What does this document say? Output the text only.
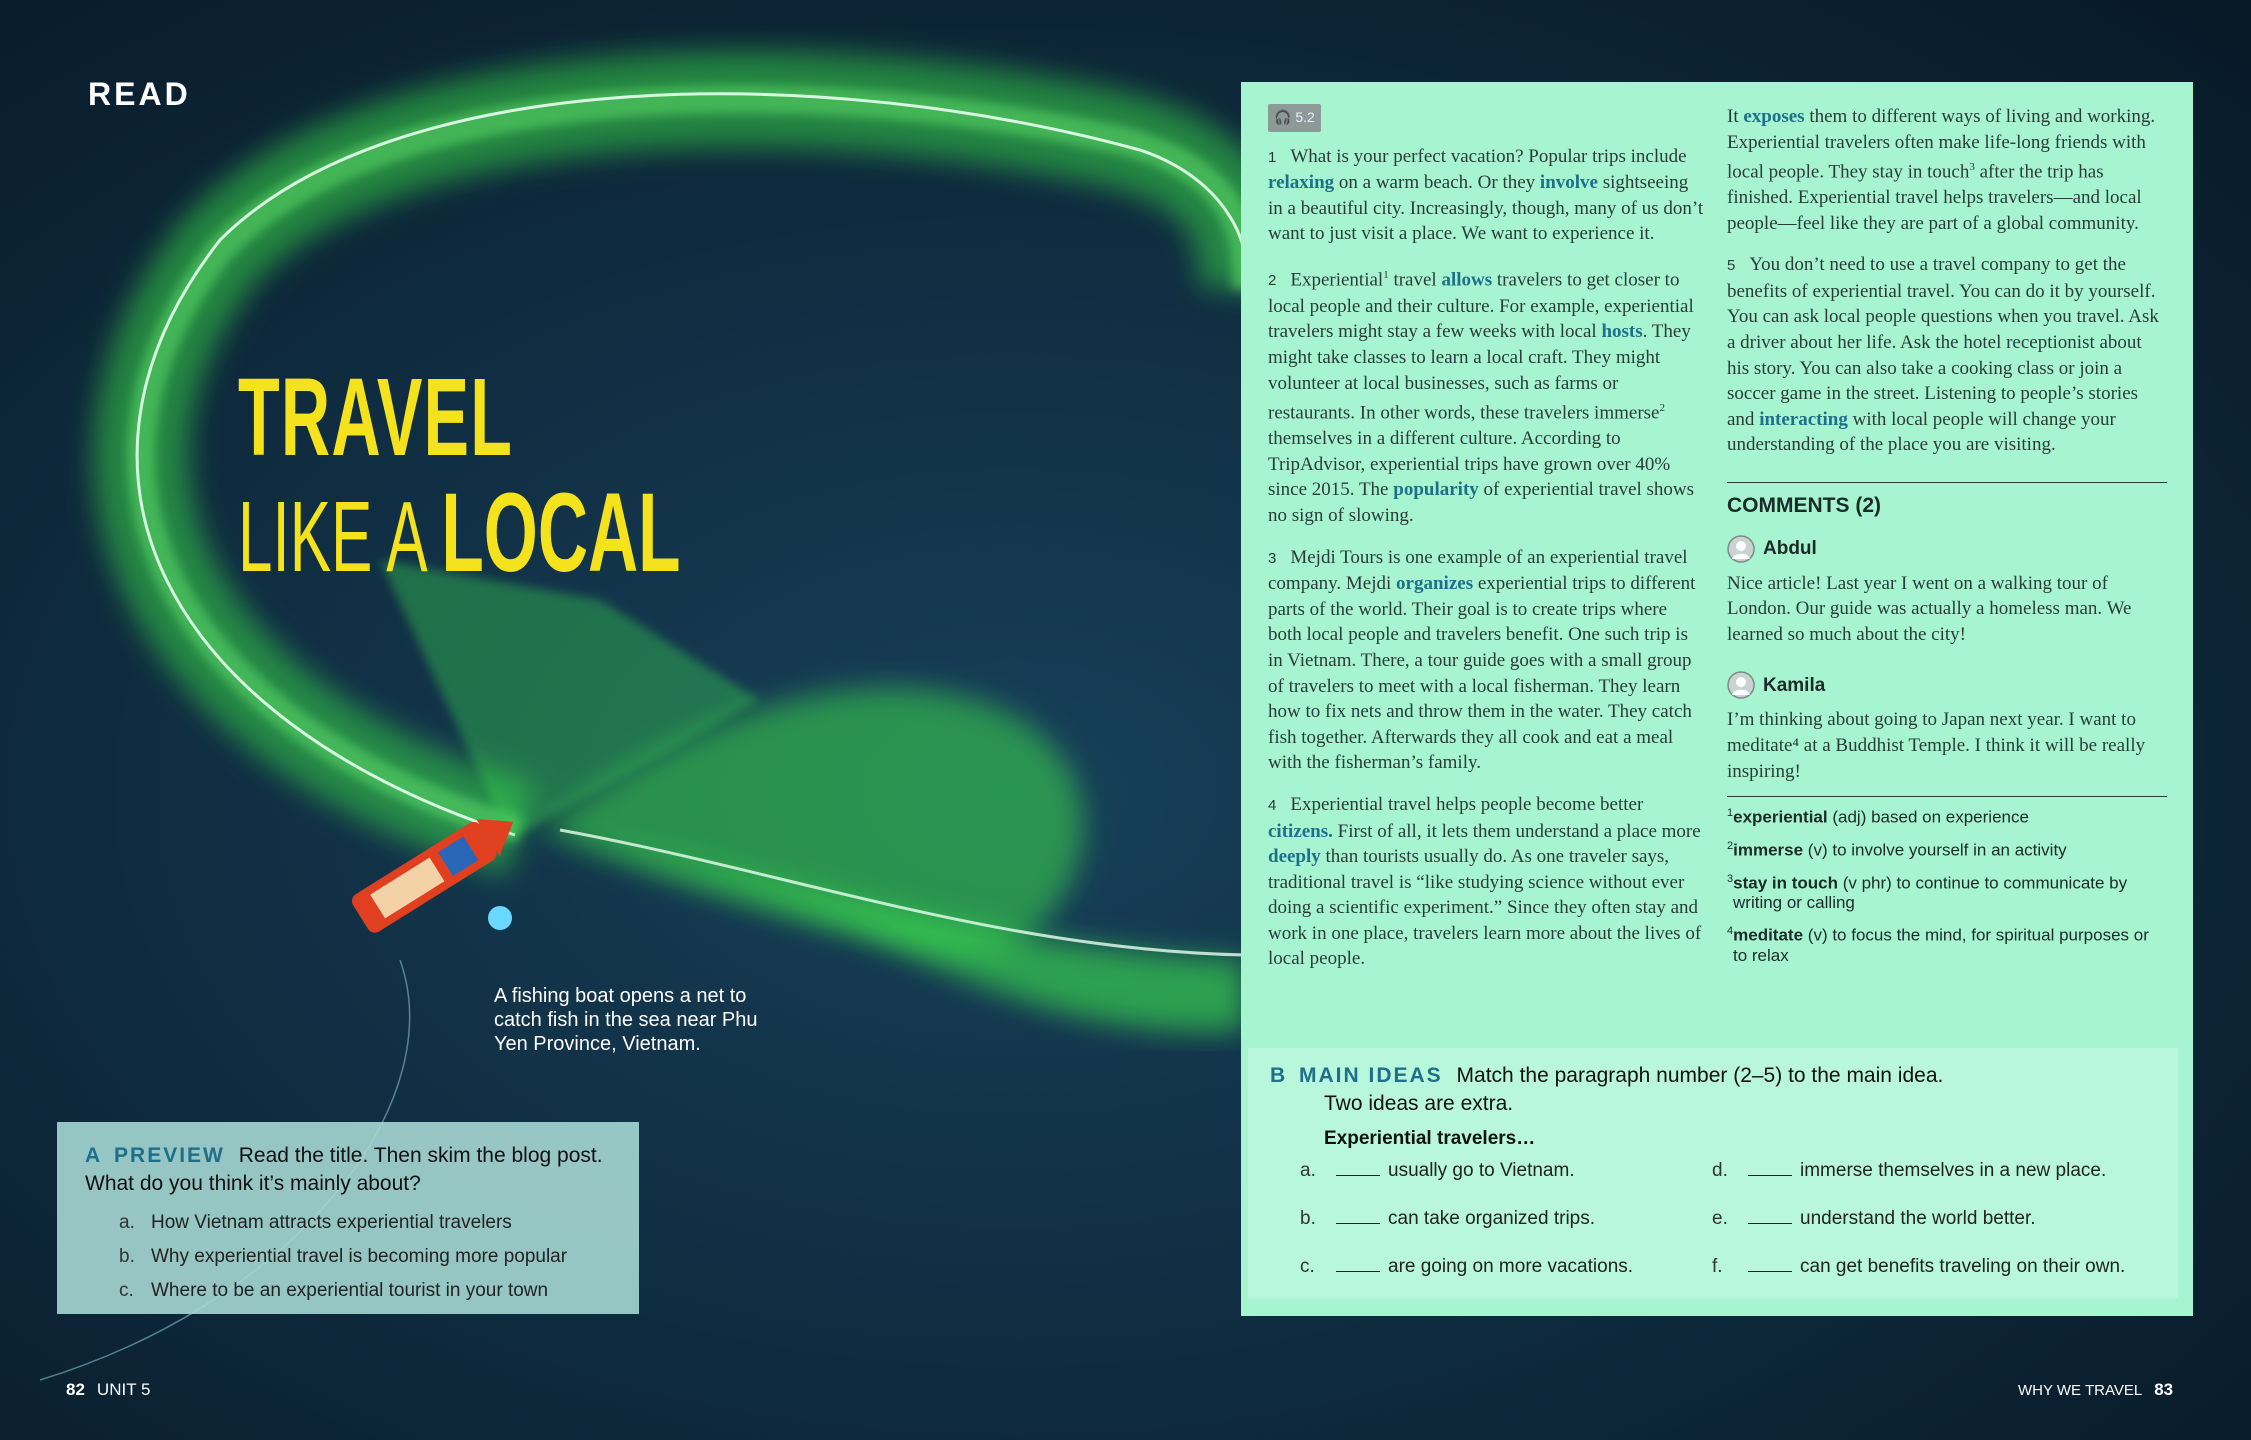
READ
TRAVEL
LIKE A LOCAL
A fishing boat opens a net to catch fish in the sea near Phu Yen Province, Vietnam.
A PREVIEW Read the title. Then skim the blog post. What do you think it’s mainly about?
a. How Vietnam attracts experiential travelers
b. Why experiential travel is becoming more popular
c. Where to be an experiential tourist in your town
🎧 5.2

1 What is your perfect vacation? Popular trips include relaxing on a warm beach. Or they involve sightseeing in a beautiful city. Increasingly, though, many of us don’t want to just visit a place. We want to experience it.

2 Experiential$^1$ travel allows travelers to get closer to local people and their culture. For example, experiential travelers might stay a few weeks with local hosts. They might take classes to learn a local craft. They might volunteer at local businesses, such as farms or restaurants. In other words, these travelers immerse$^2$ themselves in a different culture. According to TripAdvisor, experiential trips have grown over 40% since 2015. The popularity of experiential travel shows no sign of slowing.

3 Mejdi Tours is one example of an experiential travel company. Mejdi organizes experiential trips to different parts of the world. Their goal is to create trips where both local people and travelers benefit. One such trip is in Vietnam. There, a tour guide goes with a small group of travelers to meet with a local fisherman. They learn how to fix nets and throw them in the water. They catch fish together. Afterwards they all cook and eat a meal with the fisherman’s family.

4 Experiential travel helps people become better citizens. First of all, it lets them understand a place more deeply than tourists usually do. As one traveler says, traditional travel is “like studying science without ever doing a scientific experiment.” Since they often stay and work in one place, travelers learn more about the lives of local people.

It exposes them to different ways of living and working. Experiential travelers often make life-long friends with local people. They stay in touch$^3$ after the trip has finished. Experiential travel helps travelers—and local people—feel like they are part of a global community.

5 You don’t need to use a travel company to get the benefits of experiential travel. You can do it by yourself. You can ask local people questions when you travel. Ask a driver about her life. Ask the hotel receptionist about his story. You can also take a cooking class or join a soccer game in the street. Listening to people’s stories and interacting with local people will change your understanding of the place you are visiting.

COMMENTS (2)
Abdul

Nice article! Last year I went on a walking tour of London. Our guide was actually a homeless man. We learned so much about the city!

Kamila

I’m thinking about going to Japan next year. I want to meditate⁴ at a Buddhist Temple. I think it will be really inspiring!

$^1$experiential (adj) based on experience
$^2$immerse (v) to involve yourself in an activity
$^3$stay in touch (v phr) to continue to communicate by writing or calling
$^4$meditate (v) to focus the mind, for spiritual purposes or to relax
B MAIN IDEAS Match the paragraph number (2–5) to the main idea.
Two ideas are extra.
Experiential travelers…
a.	usually go to Vietnam.
b.	can take organized trips.
c.	are going on more vacations.
d.	immerse themselves in a new place.
e.	understand the world better.
f.	can get benefits traveling on their own.
82 UNIT 5	WHY WE TRAVEL 83
